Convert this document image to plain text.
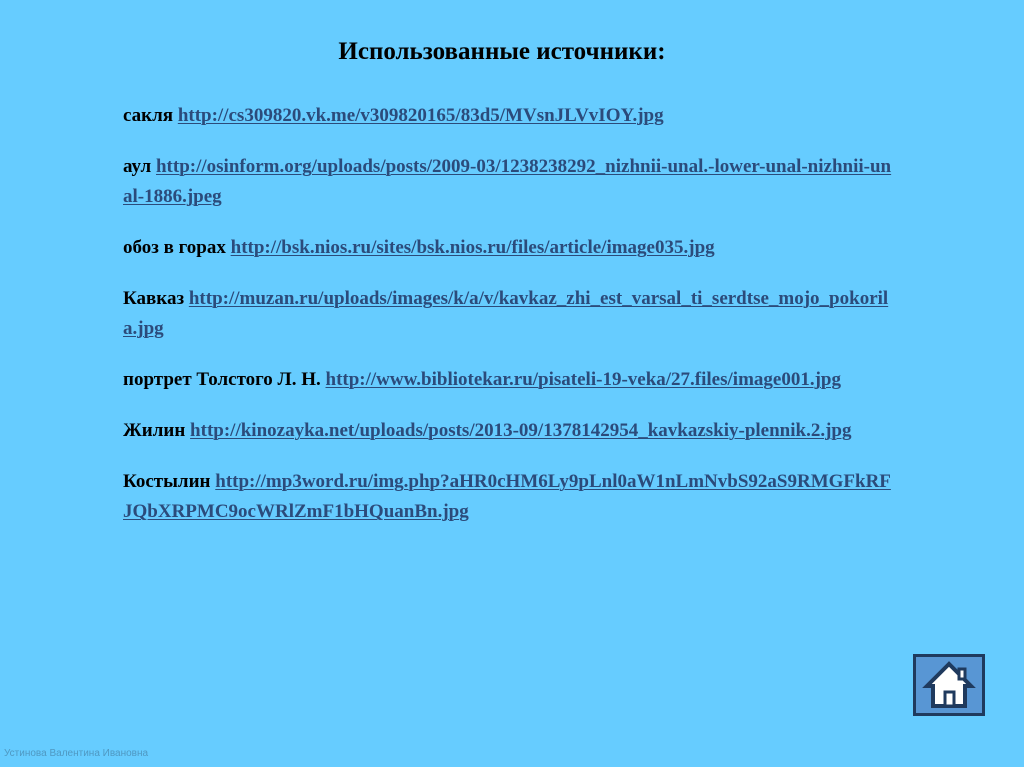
Использованные источники:
сакля http://cs309820.vk.me/v309820165/83d5/MVsnJLVvIOY.jpg
аул http://osinform.org/uploads/posts/2009-03/1238238292_nizhnii-unal.-lower-unal-nizhnii-unal-1886.jpeg
обоз в горах http://bsk.nios.ru/sites/bsk.nios.ru/files/article/image035.jpg
Кавказ http://muzan.ru/uploads/images/k/a/v/kavkaz_zhi_est_varsal_ti_serdtse_mojo_pokorila.jpg
портрет Толстого Л. Н. http://www.bibliotekar.ru/pisateli-19-veka/27.files/image001.jpg
Жилин http://kinozayka.net/uploads/posts/2013-09/1378142954_kavkazskiy-plennik.2.jpg
Костылин http://mp3word.ru/img.php?aHR0cHM6Ly9pLnl0aW1nLmNvbS92aS9RMGFkRFJQbXRPMC9ocWRlZmF1bHQuanBn.jpg
Устинова Валентина Ивановна
